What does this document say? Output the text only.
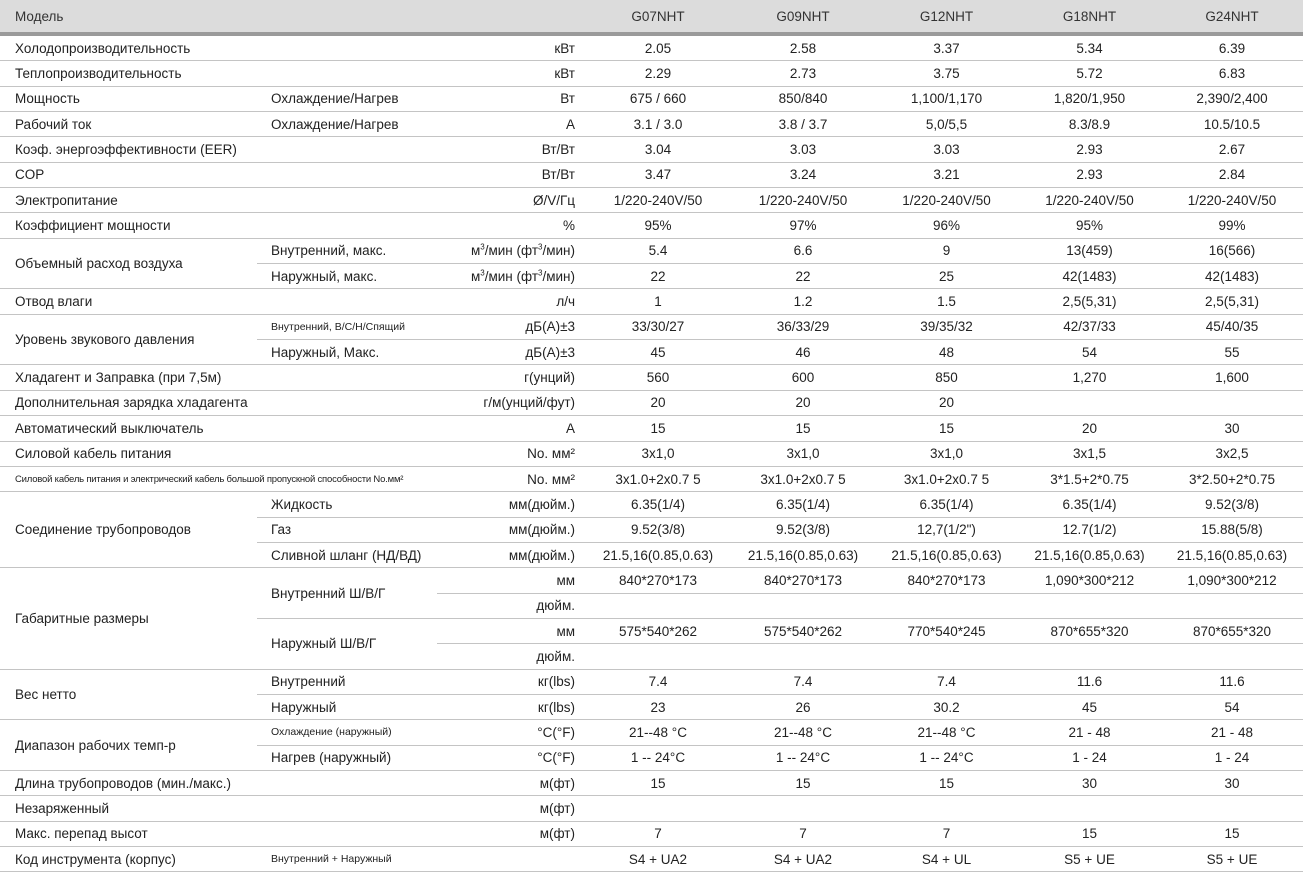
Модель			G07NHT	G09NHT	G12NHT	G18NHT	G24NHT
Холодопроизводительность		кВт	2.05	2.58	3.37	5.34	6.39
Теплопроизводительность		кВт	2.29	2.73	3.75	5.72	6.83
Мощность	Охлаждение/Нагрев	Вт	675 / 660	850/840	1,100/1,170	1,820/1,950	2,390/2,400
Рабочий ток	Охлаждение/Нагрев	А	3.1 / 3.0	3.8 / 3.7	5,0/5,5	8.3/8.9	10.5/10.5
Коэф. энергоэффективности (EER)		Вт/Вт	3.04	3.03	3.03	2.93	2.67
COP		Вт/Вт	3.47	3.24	3.21	2.93	2.84
Электропитание		Ø/V/Гц	1/220-240V/50	1/220-240V/50	1/220-240V/50	1/220-240V/50	1/220-240V/50
Коэффициент мощности		%	95%	97%	96%	95%	99%
Объемный расход воздуха	Внутренний, макс.	$м^3$/мин $(фт^3/мин)$	5.4	6.6	9	13(459)	16(566)
	Наружный, макс.	$м^3$/мин $(фт^3/мин)$	22	22	25	42(1483)	42(1483)
Отвод влаги		л/ч	1	1.2	1.5	2,5(5,31)	2,5(5,31)
Уровень звукового давления	Внутренний, В/С/Н/Спящий	дБ(А)±3	33/30/27	36/33/29	39/35/32	42/37/33	45/40/35
	Наружный, Макс.	дБ(А)±3	45	46	48	54	55
Хладагент и Заправка (при 7,5м)		г(унций)	560	600	850	1,270	1,600
Дополнительная зарядка хладагента		г/м(унций/фут)	20	20	20		
Автоматический выключатель		А	15	15	15	20	30
Силовой кабель питания		No. мм²	3x1,0	3x1,0	3x1,0	3x1,5	3x2,5
Силовой кабель питания и электрический кабель большой пропускной способности No.мм²		No. мм²	3x1.0+2x0.7 5	3x1.0+2x0.7 5	3x1.0+2x0.7 5	3*1.5+2*0.75	3*2.50+2*0.75
Соединение трубопроводов	Жидкость	мм(дюйм.)	6.35(1/4)	6.35(1/4)	6.35(1/4)	6.35(1/4)	9.52(3/8)
	Газ	мм(дюйм.)	9.52(3/8)	9.52(3/8)	12,7(1/2")	12.7(1/2)	15.88(5/8)
	Сливной шланг (НД/ВД)	мм(дюйм.)	21.5,16(0.85,0.63)	21.5,16(0.85,0.63)	21.5,16(0.85,0.63)	21.5,16(0.85,0.63)	21.5,16(0.85,0.63)
Габаритные размеры	Внутренний Ш/В/Г	мм	840*270*173	840*270*173	840*270*173	1,090*300*212	1,090*300*212
		дюйм.					
	Наружный Ш/В/Г	мм	575*540*262	575*540*262	770*540*245	870*655*320	870*655*320
		дюйм.					
Вес нетто	Внутренний	кг(lbs)	7.4	7.4	7.4	11.6	11.6
	Наружный	кг(lbs)	23	26	30.2	45	54
Диапазон рабочих темп-р	Охлаждение (наружный)	°C(°F)	21--48 °C	21--48 °C	21--48 °C	21 - 48	21 - 48
	Нагрев (наружный)	°C(°F)	1 -- 24°C	1 -- 24°C	1 -- 24°C	1 - 24	1 - 24
Длина трубопроводов (мин./макс.)		м(фт)	15	15	15	30	30
Незаряженный		м(фт)					
Макс. перепад высот		м(фт)	7	7	7	15	15
Код инструмента (корпус)	Внутренний + Наружный		S4 + UA2	S4 + UA2	S4 + UL	S5 + UE	S5 + UE
